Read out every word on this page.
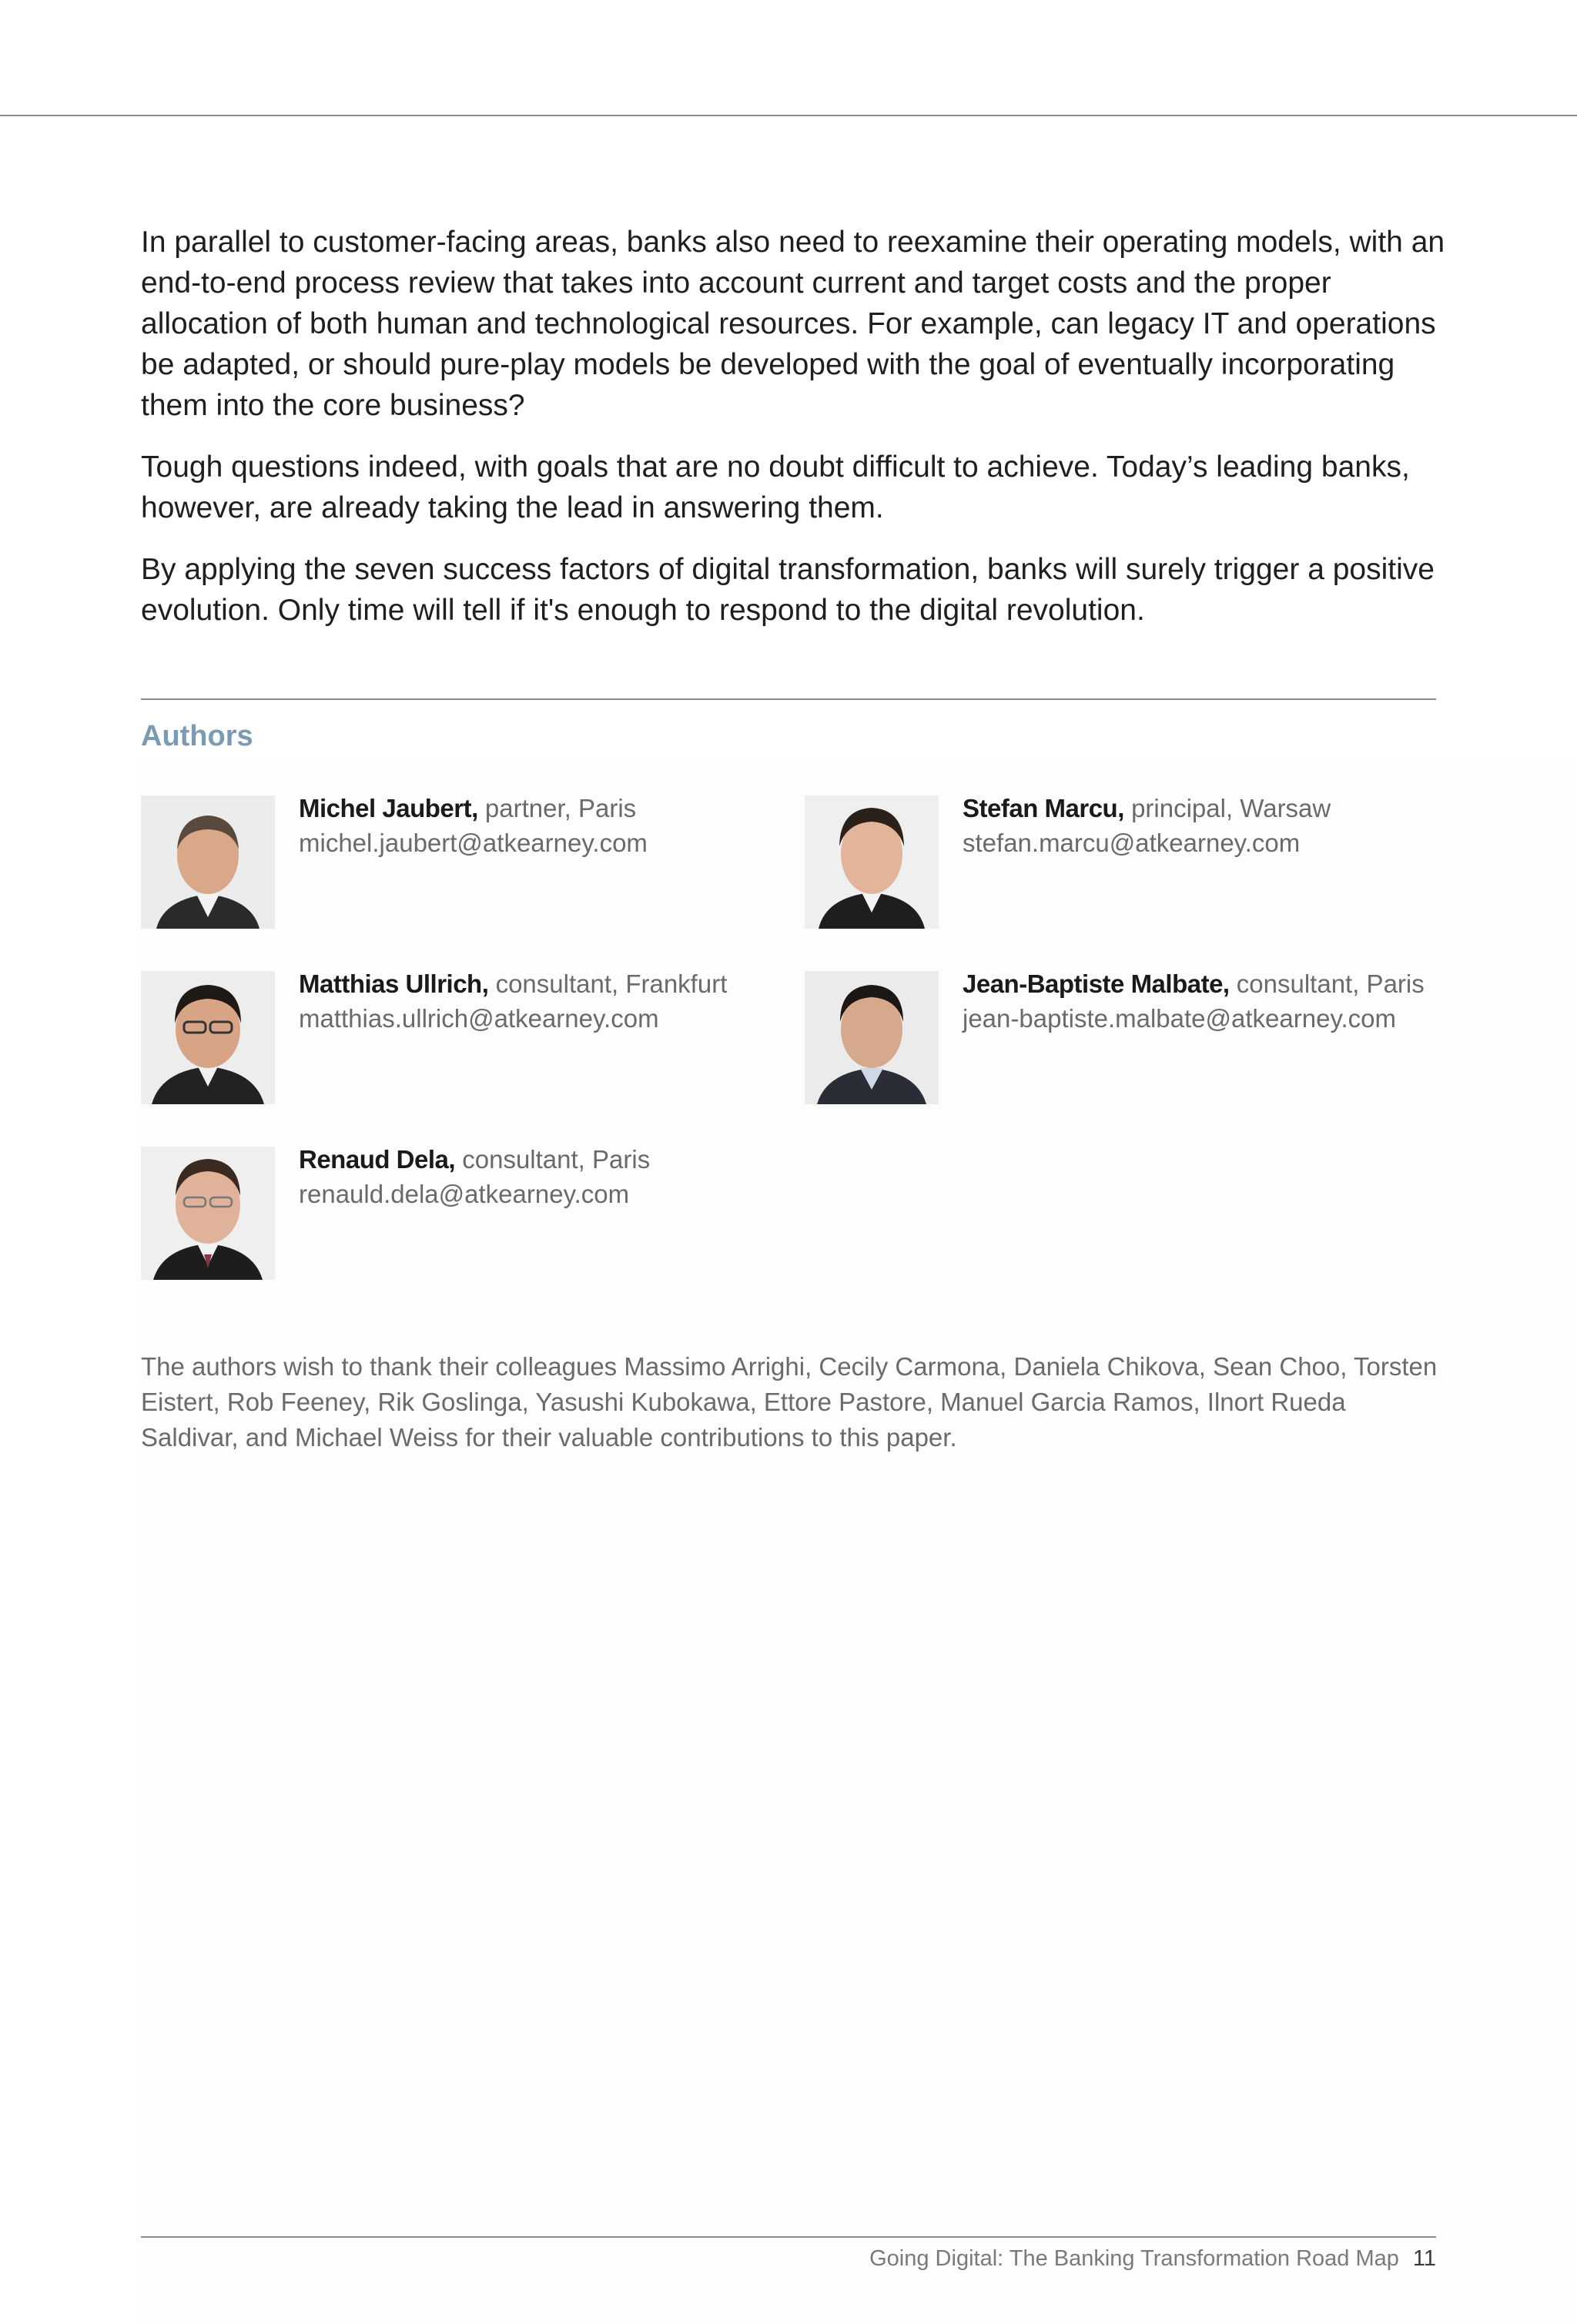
In parallel to customer-facing areas, banks also need to reexamine their operating models, with an end-to-end process review that takes into account current and target costs and the proper allocation of both human and technological resources. For example, can legacy IT and operations be adapted, or should pure-play models be developed with the goal of eventually incorporating them into the core business?

Tough questions indeed, with goals that are no doubt difficult to achieve. Today’s leading banks, however, are already taking the lead in answering them.

By applying the seven success factors of digital transformation, banks will surely trigger a positive evolution. Only time will tell if it's enough to respond to the digital revolution.

Authors
Michel Jaubert, partner, Paris
michel.jaubert@atkearney.com
Stefan Marcu, principal, Warsaw
stefan.marcu@atkearney.com
Matthias Ullrich, consultant, Frankfurt
matthias.ullrich@atkearney.com
Jean-Baptiste Malbate, consultant, Paris
jean-baptiste.malbate@atkearney.com
Renaud Dela, consultant, Paris
renauld.dela@atkearney.com

The authors wish to thank their colleagues Massimo Arrighi, Cecily Carmona, Daniela Chikova, Sean Choo, Torsten Eistert, Rob Feeney, Rik Goslinga, Yasushi Kubokawa, Ettore Pastore, Manuel Garcia Ramos, Ilnort Rueda Saldivar, and Michael Weiss for their valuable contributions to this paper.

Going Digital: The Banking Transformation Road Map 11
